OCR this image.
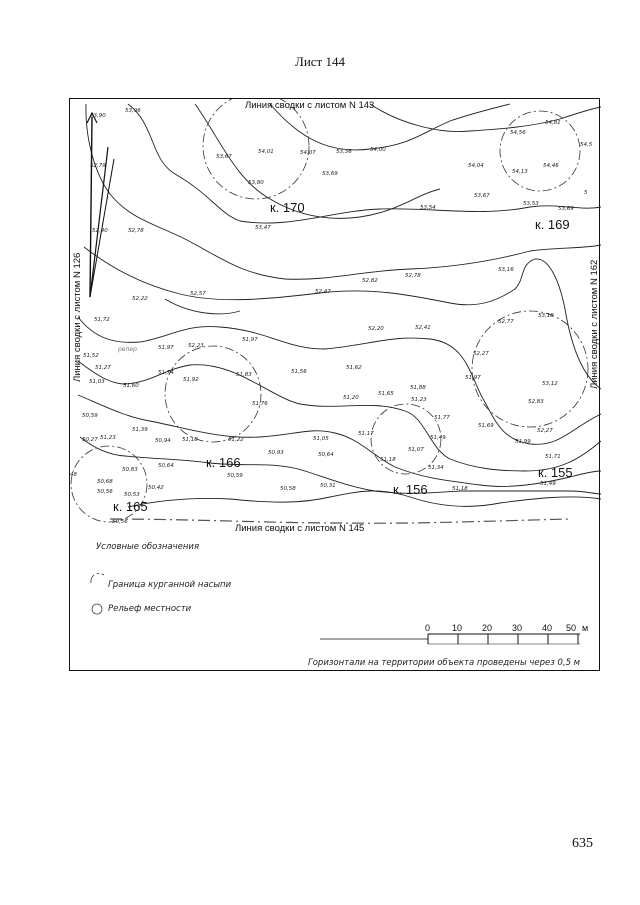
Лист 144
Линия сводки с листом N 143
Линия сводки с листом N 145
Линия сводки с листом N 126	Линия сводки с листом N 162
репер
к. 170
к. 169
к. 166
к. 165
к. 156
к. 155
53,96
53,90
52,79
52,40	52,78
53,67
54,01	54,07	53,36	54,00
53,80
53,69
53,47
53,54
54,56
54,81
54,5
54,04
54,13
54,46
53,67
53,53
53,69
5
53,16
52,78
52,82
52,47
52,57
52,22
51,72
51,97	52,23
51,97
52,20	52,41
52,77
53,18
52,27
51,52
51,27
51,03
51,60
51,74
51,92
51,83	51,56
51,62
51,88
51,97
53,12
52,83
50,59
51,76
51,20
51,65
51,23
51,77
51,69
52,27
51,99
51,71
50,27 51,23
51,39
50,94 51,18	51,22	51,05
51,17
51,49
50,93	50,64
51,18
51,07
51,34
50,83
50,64
50,59
50,68
50,56 50,53
50,42	50,58	50,31	51,18
51,49
48
50,56
Условные обозначения
Граница курганной насыпи
Рельеф местности
0 10 20 30 40 50 м
Горизонтали на территории объекта проведены через 0,5 м
635
